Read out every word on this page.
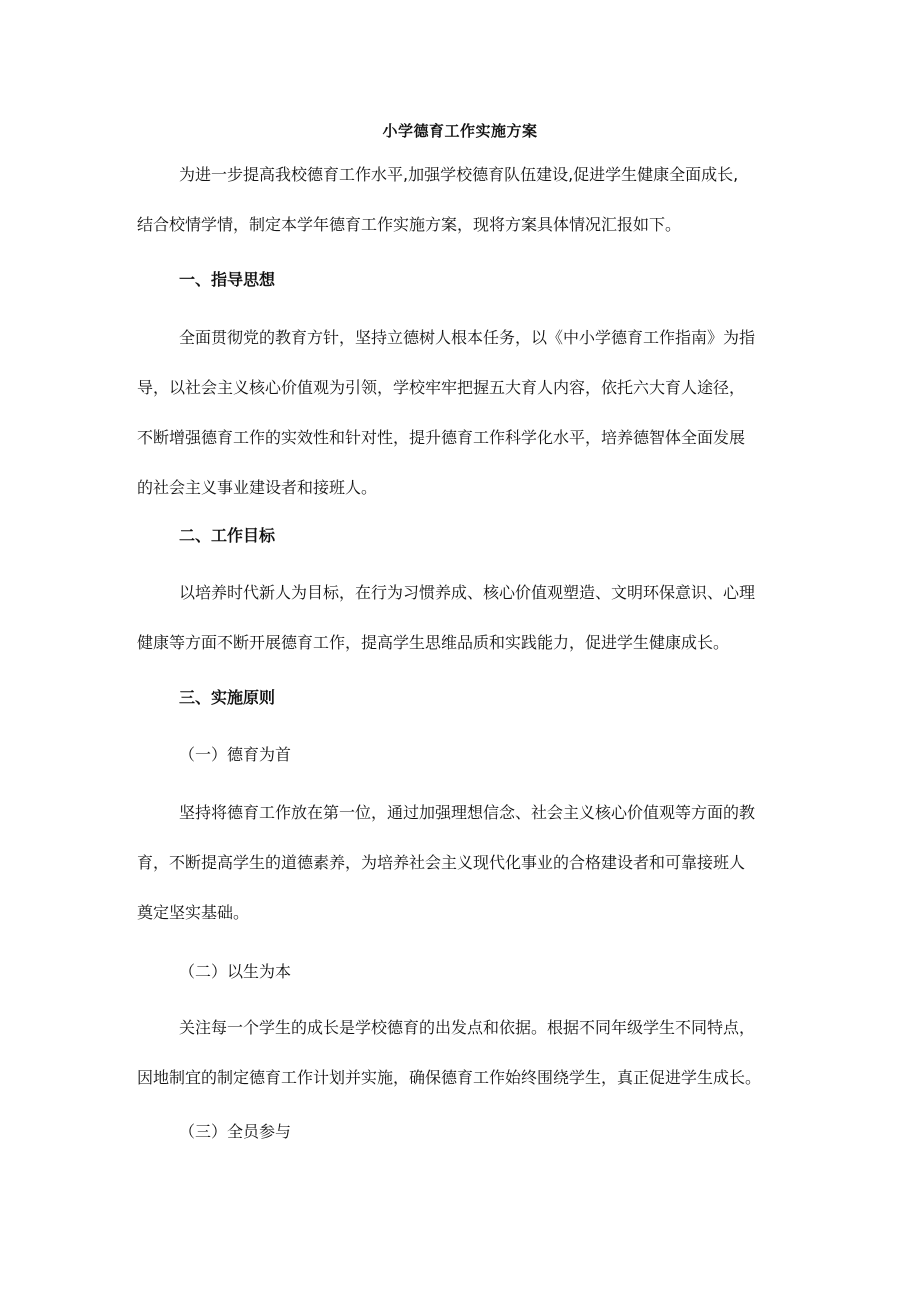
小学德育工作实施方案
为进一步提高我校德育工作水平,加强学校德育队伍建设,促进学生健康全面成长,
结合校情学情，制定本学年德育工作实施方案，现将方案具体情况汇报如下。
一、指导思想
全面贯彻党的教育方针，坚持立德树人根本任务，以《中小学德育工作指南》为指
导，以社会主义核心价值观为引领，学校牢牢把握五大育人内容，依托六大育人途径，
不断增强德育工作的实效性和针对性，提升德育工作科学化水平，培养德智体全面发展
的社会主义事业建设者和接班人。
二、工作目标
以培养时代新人为目标，在行为习惯养成、核心价值观塑造、文明环保意识、心理
健康等方面不断开展德育工作，提高学生思维品质和实践能力，促进学生健康成长。
三、实施原则
（一）德育为首
坚持将德育工作放在第一位，通过加强理想信念、社会主义核心价值观等方面的教
育，不断提高学生的道德素养，为培养社会主义现代化事业的合格建设者和可靠接班人
奠定坚实基础。
（二）以生为本
关注每一个学生的成长是学校德育的出发点和依据。根据不同年级学生不同特点，
因地制宜的制定德育工作计划并实施，确保德育工作始终围绕学生，真正促进学生成长。
（三）全员参与
